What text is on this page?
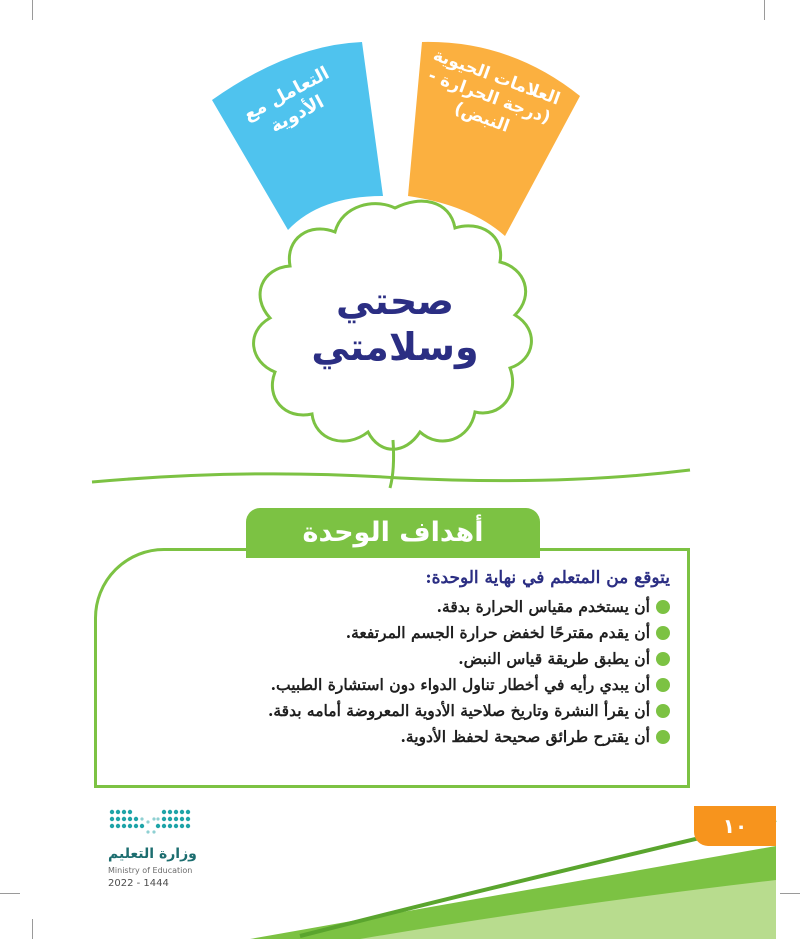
التعامل مع الأدوية
العلامات الحيوية (درجة الحرارة - النبض)
صحتي وسلامتي
أهداف الوحدة

يتوقع من المتعلم في نهاية الوحدة:

أن يستخدم مقياس الحرارة بدقة.
أن يقدم مقترحًا لخفض حرارة الجسم المرتفعة.
أن يطبق طريقة قياس النبض.
أن يبدي رأيه في أخطار تناول الدواء دون استشارة الطبيب.
أن يقرأ النشرة وتاريخ صلاحية الأدوية المعروضة أمامه بدقة.
أن يقترح طرائق صحيحة لحفظ الأدوية.
١٠
وزارة التعليم
Ministry of Education
2022 - 1444
